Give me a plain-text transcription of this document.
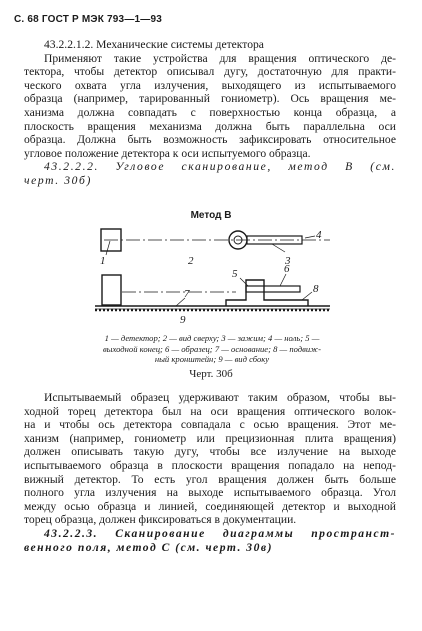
С. 68 ГОСТ Р МЭК 793—1—93
43.2.2.1.2. Механические системы детектора
Применяют такие устройства для вращения оптического де-
тектора, чтобы детектор описывал дугу, достаточную для практи-
ческого охвата угла излучения, выходящего из испытываемого
образца (например, тарированный гониометр). Ось вращения ме-
ханизма должна совпадать с поверхностью конца образца, а
плоскость вращения механизма должна быть параллельна оси
образца. Должна быть возможность зафиксировать относительное
угловое положение детектора к оси испытуемого образца.
43.2.2.2. Угловое сканирование, метод В (см.
черт. 30б)
Метод В
1	2	3
4
5	6
7	8
9
1 — детектор; 2 — вид сверху; 3 — зажим; 4 — ноль; 5 —
выходной конец; 6 — образец; 7 — основание; 8 — подвиж-
ный кронштейн; 9 — вид сбоку
Черт. 30б
Испытываемый образец удерживают таким образом, чтобы вы-
ходной торец детектора был на оси вращения оптического волок-
на и чтобы ось детектора совпадала с осью вращения. Этот ме-
ханизм (например, гониометр или прецизионная плита вращения)
должен описывать такую дугу, чтобы все излучение на выходе
испытываемого образца в плоскости вращения попадало на непод-
вижный детектор. То есть угол вращения должен быть больше
полного угла излучения на выходе испытываемого образца. Угол
между осью образца и линией, соединяющей детектор и выходной
торец образца, должен фиксироваться в документации.
43.2.2.3. Сканирование диаграммы пространст-
венного поля, метод С (см. черт. 30в)
